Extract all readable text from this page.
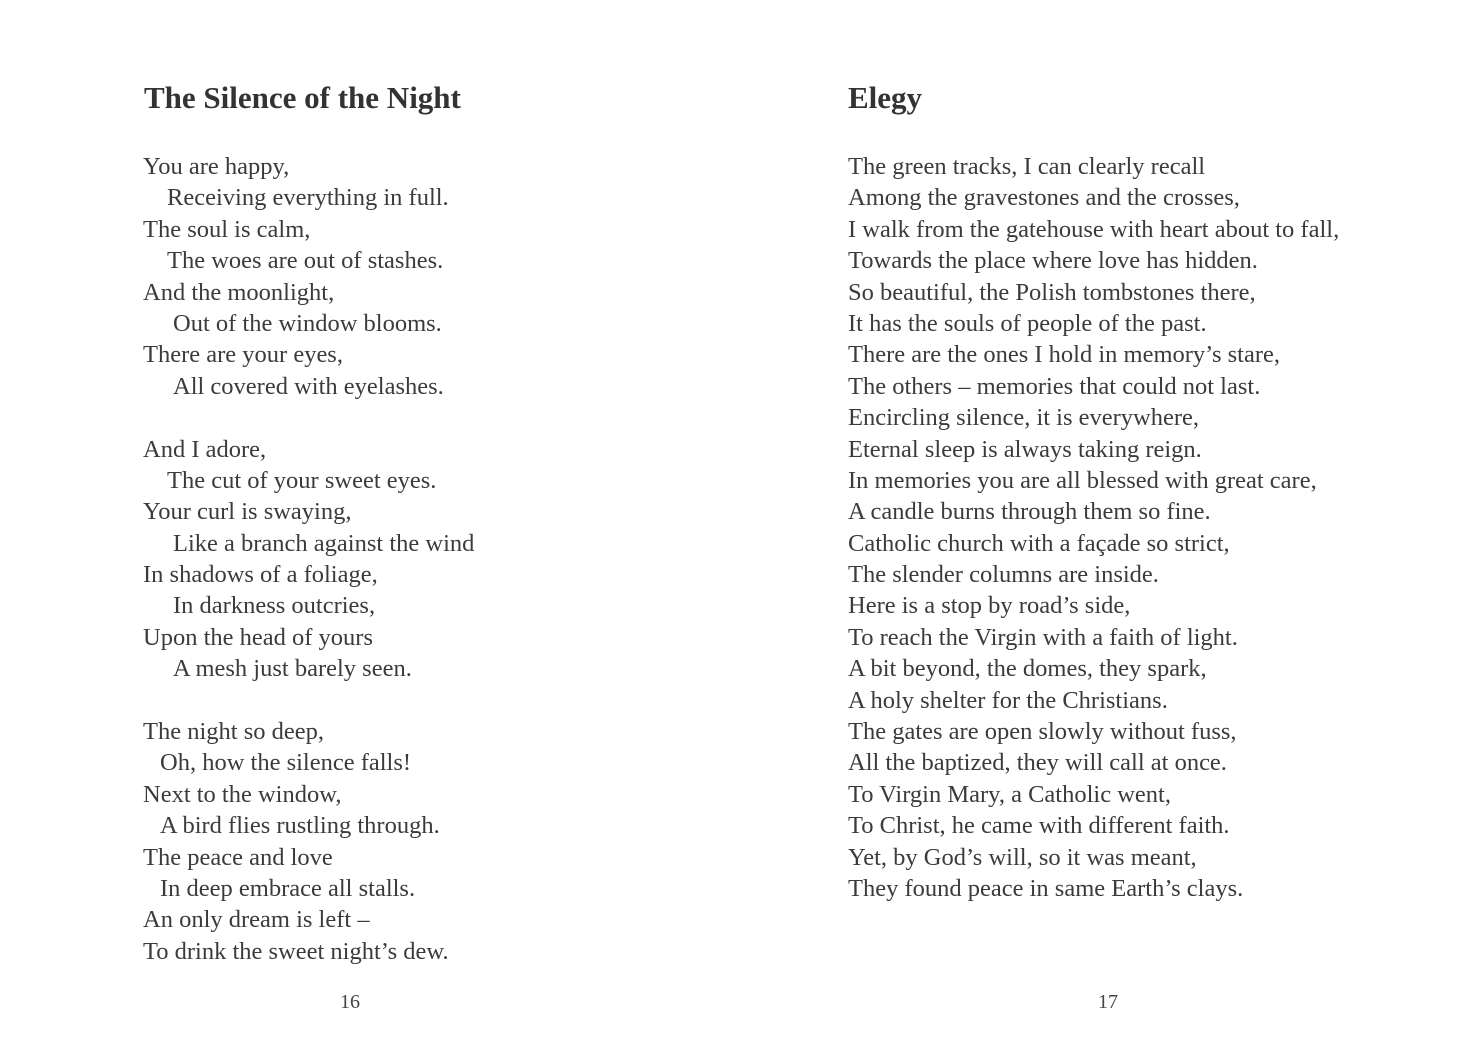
The Silence of the Night
You are happy,
Receiving everything in full.
The soul is calm,
The woes are out of stashes.
And the moonlight,
Out of the window blooms.
There are your eyes,
All covered with eyelashes.
And I adore,
The cut of your sweet eyes.
Your curl is swaying,
Like a branch against the wind
In shadows of a foliage,
In darkness outcries,
Upon the head of yours
A mesh just barely seen.
The night so deep,
Oh, how the silence falls!
Next to the window,
A bird flies rustling through.
The peace and love
In deep embrace all stalls.
An only dream is left –
To drink the sweet night’s dew.
16
Elegy
The green tracks, I can clearly recall
Among the gravestones and the crosses,
I walk from the gatehouse with heart about to fall,
Towards the place where love has hidden.
So beautiful, the Polish tombstones there,
It has the souls of people of the past.
There are the ones I hold in memory’s stare,
The others – memories that could not last.
Encircling silence, it is everywhere,
Eternal sleep is always taking reign.
In memories you are all blessed with great care,
A candle burns through them so fine.
Catholic church with a façade so strict,
The slender columns are inside.
Here is a stop by road’s side,
To reach the Virgin with a faith of light.
A bit beyond, the domes, they spark,
A holy shelter for the Christians.
The gates are open slowly without fuss,
All the baptized, they will call at once.
To Virgin Mary, a Catholic went,
To Christ, he came with different faith.
Yet, by God’s will, so it was meant,
They found peace in same Earth’s clays.
17
